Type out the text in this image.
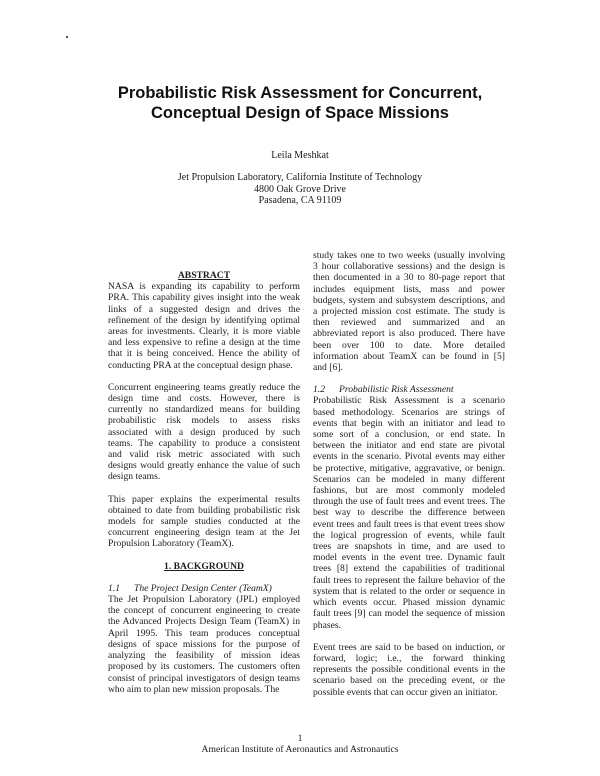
Probabilistic Risk Assessment for Concurrent,
Conceptual Design of Space Missions
Leila Meshkat
Jet Propulsion Laboratory, California Institute of Technology
4800 Oak Grove Drive
Pasadena, CA 91109
ABSTRACT
NASA is expanding its capability to perform
PRA. This capability gives insight into the weak
links of a suggested design and drives the
refinement of the design by identifying optimal
areas for investments. Clearly, it is more viable
and less expensive to refine a design at the time
that it is being conceived. Hence the ability of
conducting PRA at the conceptual design phase.
Concurrent engineering teams greatly reduce the
design time and costs. However, there is
currently no standardized means for building
probabilistic risk models to assess risks
associated with a design produced by such
teams. The capability to produce a consistent
and valid risk metric associated with such
designs would greatly enhance the value of such
design teams.
This paper explains the experimental results
obtained to date from building probabilistic risk
models for sample studies conducted at the
concurrent engineering design team at the Jet
Propulsion Laboratory (TeamX).
1. BACKGROUND
1.1 The Project Design Center (TeamX)
The Jet Propulsion Laboratory (JPL) employed
the concept of concurrent engineering to create
the Advanced Projects Design Team (TeamX) in
April 1995. This team produces conceptual
designs of space missions for the purpose of
analyzing the feasibility of mission ideas
proposed by its customers. The customers often
consist of principal investigators of design teams
who aim to plan new mission proposals. The
study takes one to two weeks (usually involving
3 hour collaborative sessions) and the design is
then documented in a 30 to 80-page report that
includes equipment lists, mass and power
budgets, system and subsystem descriptions, and
a projected mission cost estimate. The study is
then reviewed and summarized and an
abbreviated report is also produced. There have
been over 100 to date. More detailed
information about TeamX can be found in [5]
and [6].
1.2 Probabilistic Risk Assessment
Probabilistic Risk Assessment is a scenario
based methodology. Scenarios are strings of
events that begin with an initiator and lead to
some sort of a conclusion, or end state. In
between the initiator and end state are pivotal
events in the scenario. Pivotal events may either
be protective, mitigative, aggravative, or benign.
Scenarios can be modeled in many different
fashions, but are most commonly modeled
through the use of fault trees and event trees. The
best way to describe the difference between
event trees and fault trees is that event trees show
the logical progression of events, while fault
trees are snapshots in time, and are used to
model events in the event tree. Dynamic fault
trees [8] extend the capabilities of traditional
fault trees to represent the failure behavior of the
system that is related to the order or sequence in
which events occur. Phased mission dynamic
fault trees [9] can model the sequence of mission
phases.
Event trees are said to be based on induction, or
forward, logic; i.e., the forward thinking
represents the possible conditional events in the
scenario based on the preceding event, or the
possible events that can occur given an initiator.
1
American Institute of Aeronautics and Astronautics
